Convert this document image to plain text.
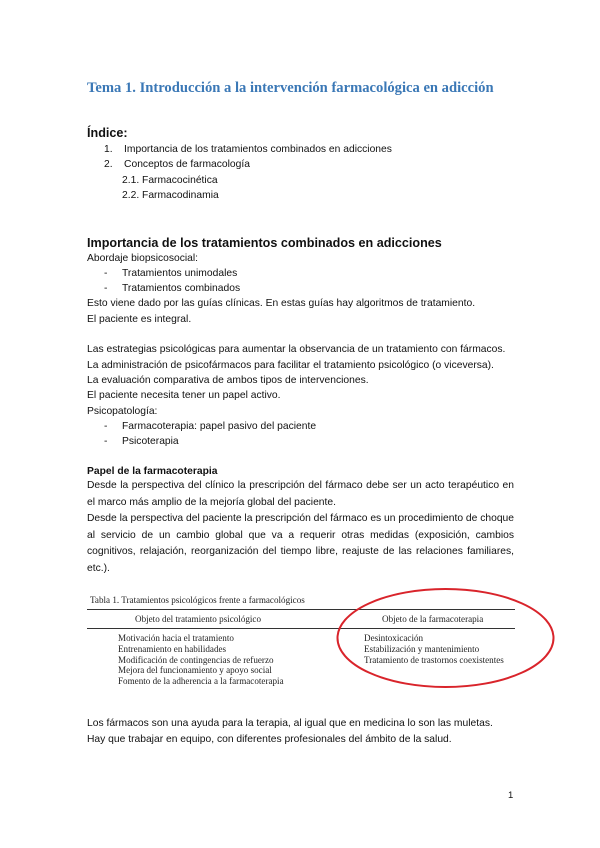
Tema 1. Introducción a la intervención farmacológica en adicción
Índice:
1.    Importancia de los tratamientos combinados en adicciones
2.    Conceptos de farmacología
2.1. Farmacocinética
2.2. Farmacodinamia
Importancia de los tratamientos combinados en adicciones
Abordaje biopsicosocial:
- Tratamientos unimodales
- Tratamientos combinados
Esto viene dado por las guías clínicas. En estas guías hay algoritmos de tratamiento.
El paciente es integral.
Las estrategias psicológicas para aumentar la observancia de un tratamiento con fármacos.
La administración de psicofármacos para facilitar el tratamiento psicológico (o viceversa).
La evaluación comparativa de ambos tipos de intervenciones.
El paciente necesita tener un papel activo.
Psicopatología:
- Farmacoterapia: papel pasivo del paciente
- Psicoterapia
Papel de la farmacoterapia

Desde la perspectiva del clínico la prescripción del fármaco debe ser un acto terapéutico en el marco más amplio de la mejoría global del paciente.

Desde la perspectiva del paciente la prescripción del fármaco es un procedimiento de choque al servicio de un cambio global que va a requerir otras medidas (exposición, cambios cognitivos, relajación, reorganización del tiempo libre, reajuste de las relaciones familiares, etc.).

Tabla 1. Tratamientos psicológicos frente a farmacológicos
Objeto del tratamiento psicológico	Objeto de la farmacoterapia
Motivación hacia el tratamiento
Entrenamiento en habilidades
Modificación de contingencias de refuerzo
Mejora del funcionamiento y apoyo social
Fomento de la adherencia a la farmacoterapia
Desintoxicación
Estabilización y mantenimiento
Tratamiento de trastornos coexistentes
Los fármacos son una ayuda para la terapia, al igual que en medicina lo son las muletas.
Hay que trabajar en equipo, con diferentes profesionales del ámbito de la salud.
1
